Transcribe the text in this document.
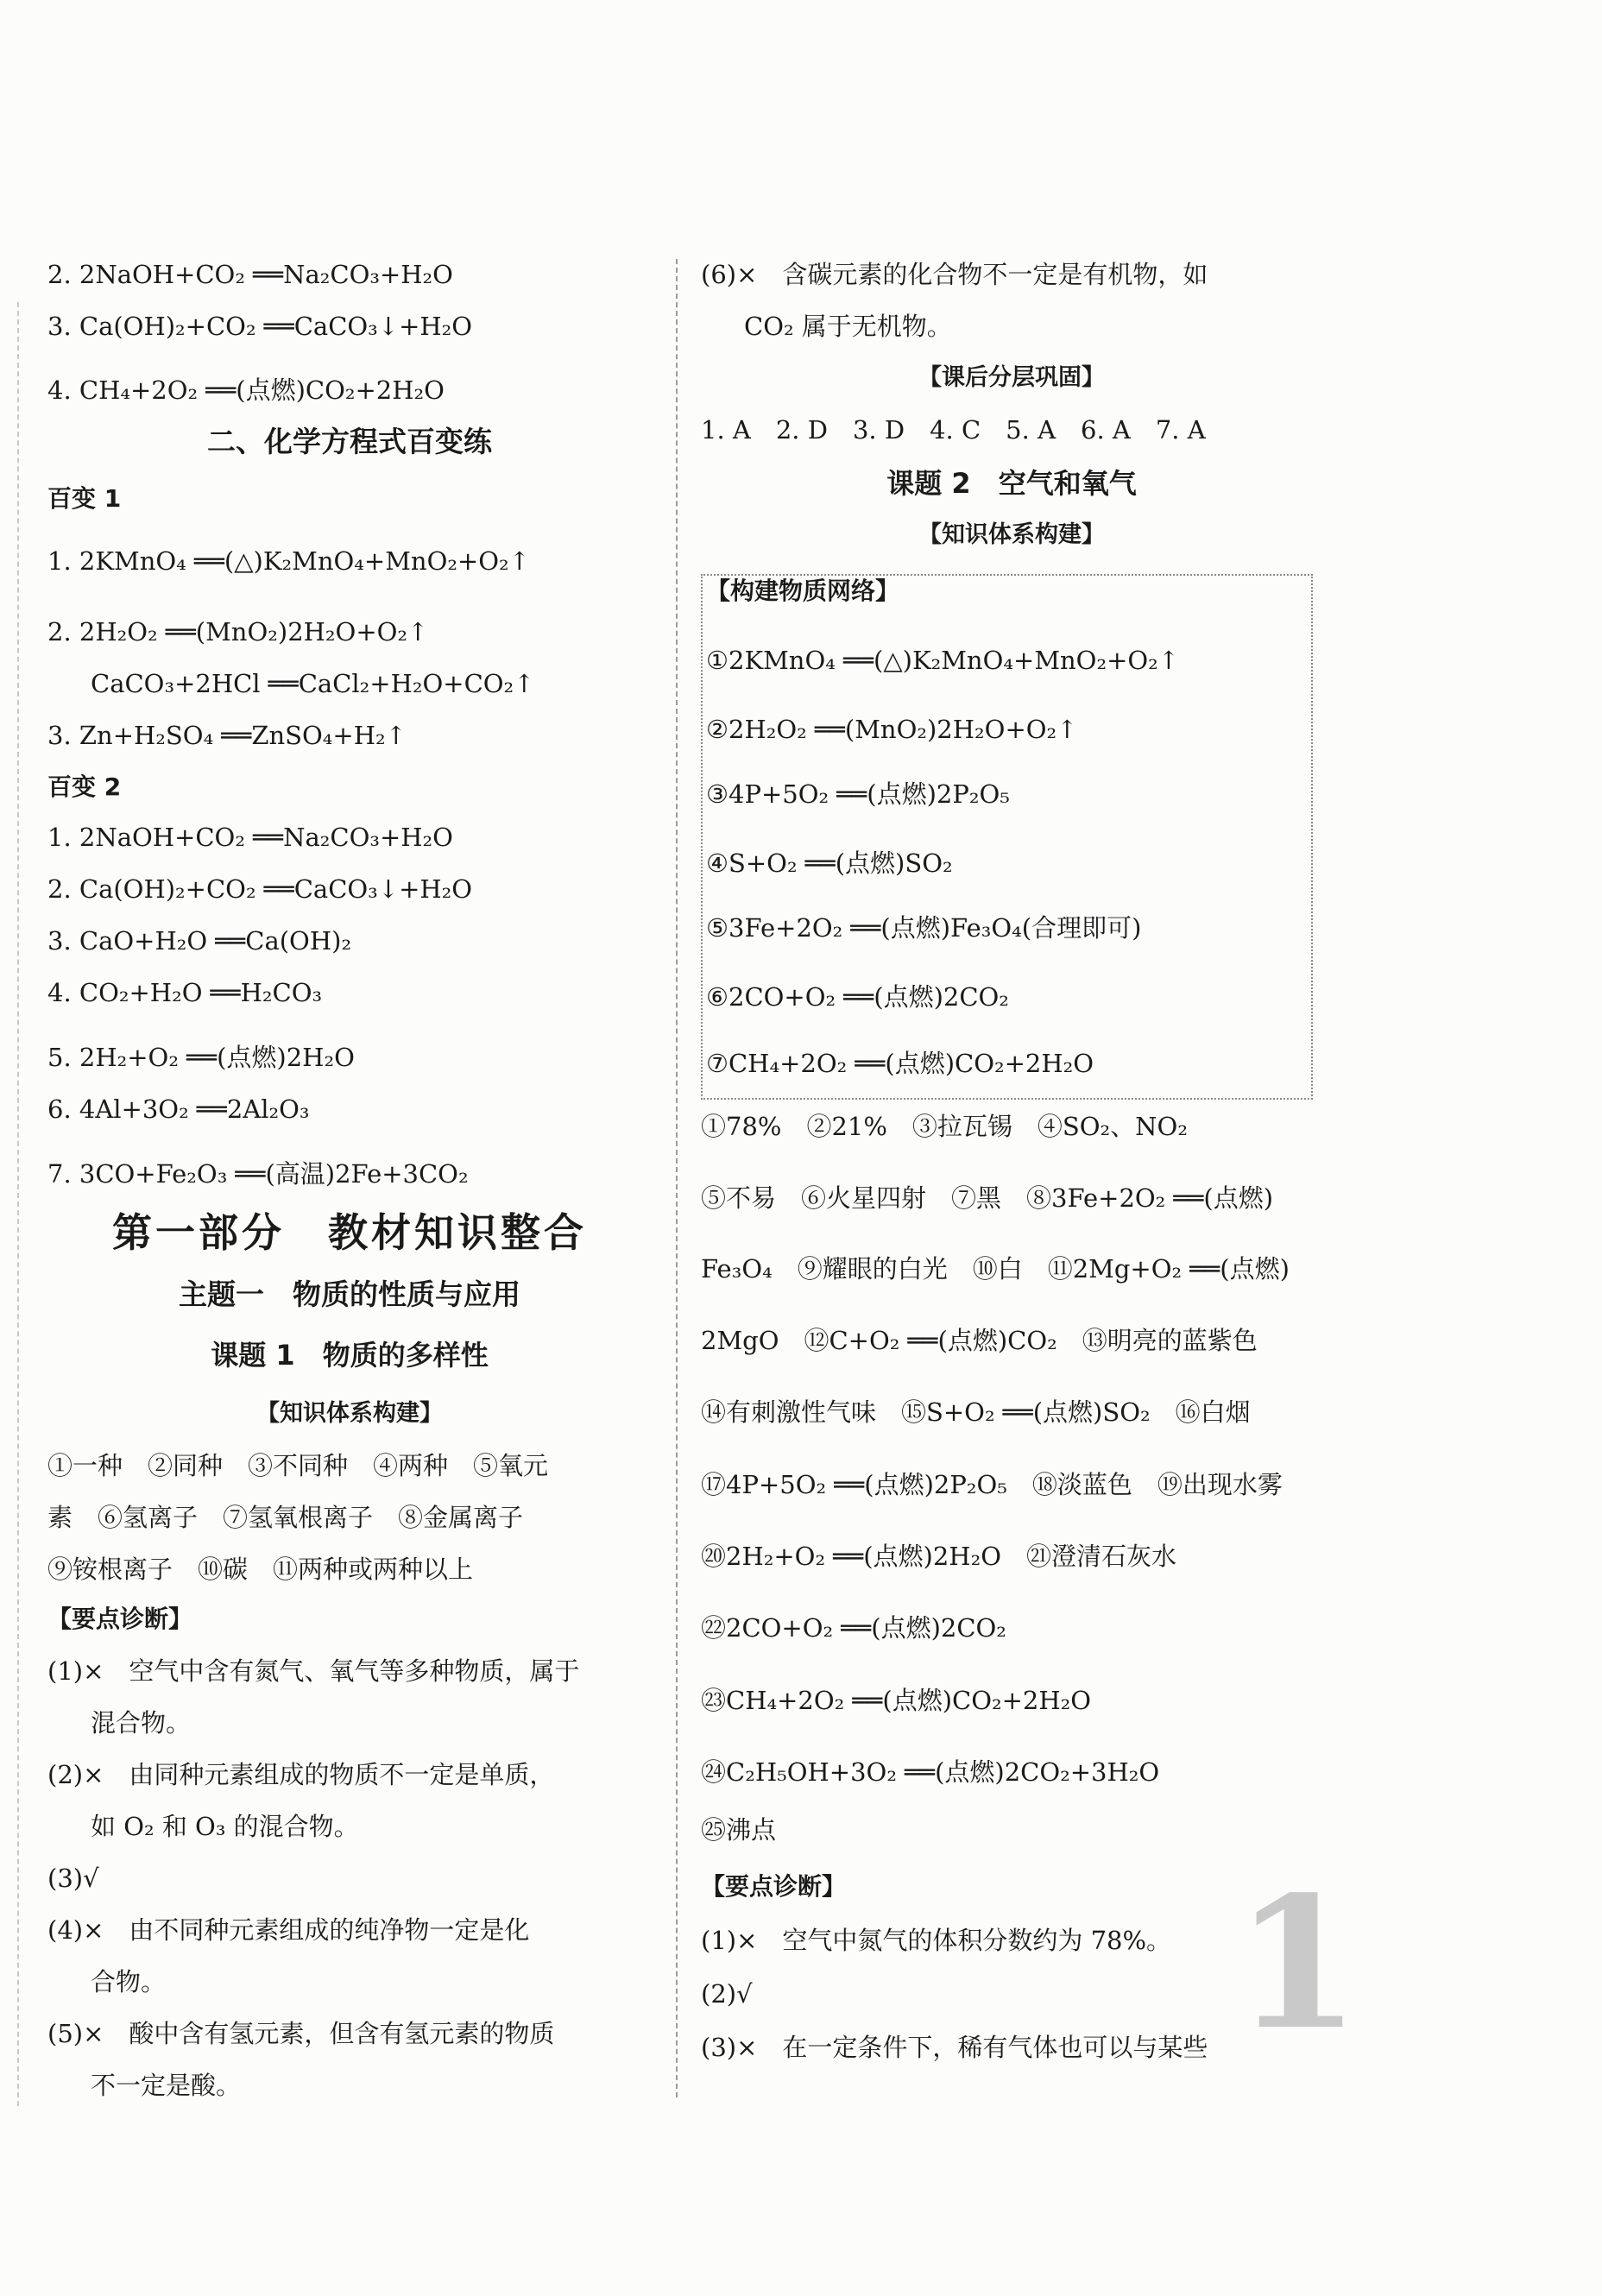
2. 2NaOH+CO₂ ══Na₂CO₃+H₂O
3. Ca(OH)₂+CO₂ ══CaCO₃↓+H₂O
4. CH₄+2O₂ ══(点燃)CO₂+2H₂O
二、化学方程式百变练
百变 1
1. 2KMnO₄ ══(△)K₂MnO₄+MnO₂+O₂↑
2. 2H₂O₂ ══(MnO₂)2H₂O+O₂↑
CaCO₃+2HCl ══CaCl₂+H₂O+CO₂↑
3. Zn+H₂SO₄ ══ZnSO₄+H₂↑
百变 2
1. 2NaOH+CO₂ ══Na₂CO₃+H₂O
2. Ca(OH)₂+CO₂ ══CaCO₃↓+H₂O
3. CaO+H₂O ══Ca(OH)₂
4. CO₂+H₂O ══H₂CO₃
5. 2H₂+O₂ ══(点燃)2H₂O
6. 4Al+3O₂ ══2Al₂O₃
7. 3CO+Fe₂O₃ ══(高温)2Fe+3CO₂
第一部分　教材知识整合
主题一　物质的性质与应用
课题 1　物质的多样性
【知识体系构建】
①一种　②同种　③不同种　④两种　⑤氧元
素　⑥氢离子　⑦氢氧根离子　⑧金属离子
⑨铵根离子　⑩碳　⑪两种或两种以上
【要点诊断】
(1)×　空气中含有氮气、氧气等多种物质，属于
混合物。
(2)×　由同种元素组成的物质不一定是单质，
如 O₂ 和 O₃ 的混合物。
(3)√
(4)×　由不同种元素组成的纯净物一定是化
合物。
(5)×　酸中含有氢元素，但含有氢元素的物质
不一定是酸。
(6)×　含碳元素的化合物不一定是有机物，如
CO₂ 属于无机物。
【课后分层巩固】
1. A　2. D　3. D　4. C　5. A　6. A　7. A
课题 2　空气和氧气
【知识体系构建】
【构建物质网络】
①2KMnO₄ ══(△)K₂MnO₄+MnO₂+O₂↑
②2H₂O₂ ══(MnO₂)2H₂O+O₂↑
③4P+5O₂ ══(点燃)2P₂O₅
④S+O₂ ══(点燃)SO₂
⑤3Fe+2O₂ ══(点燃)Fe₃O₄(合理即可)
⑥2CO+O₂ ══(点燃)2CO₂
⑦CH₄+2O₂ ══(点燃)CO₂+2H₂O
①78%　②21%　③拉瓦锡　④SO₂、NO₂
⑤不易　⑥火星四射　⑦黑　⑧3Fe+2O₂ ══(点燃)
Fe₃O₄　⑨耀眼的白光　⑩白　⑪2Mg+O₂ ══(点燃)
2MgO　⑫C+O₂ ══(点燃)CO₂　⑬明亮的蓝紫色
⑭有刺激性气味　⑮S+O₂ ══(点燃)SO₂　⑯白烟
⑰4P+5O₂ ══(点燃)2P₂O₅　⑱淡蓝色　⑲出现水雾
⑳2H₂+O₂ ══(点燃)2H₂O　㉑澄清石灰水
㉒2CO+O₂ ══(点燃)2CO₂
㉓CH₄+2O₂ ══(点燃)CO₂+2H₂O
㉔C₂H₅OH+3O₂ ══(点燃)2CO₂+3H₂O
㉕沸点
【要点诊断】
(1)×　空气中氮气的体积分数约为 78%。
(2)√
(3)×　在一定条件下，稀有气体也可以与某些 1
